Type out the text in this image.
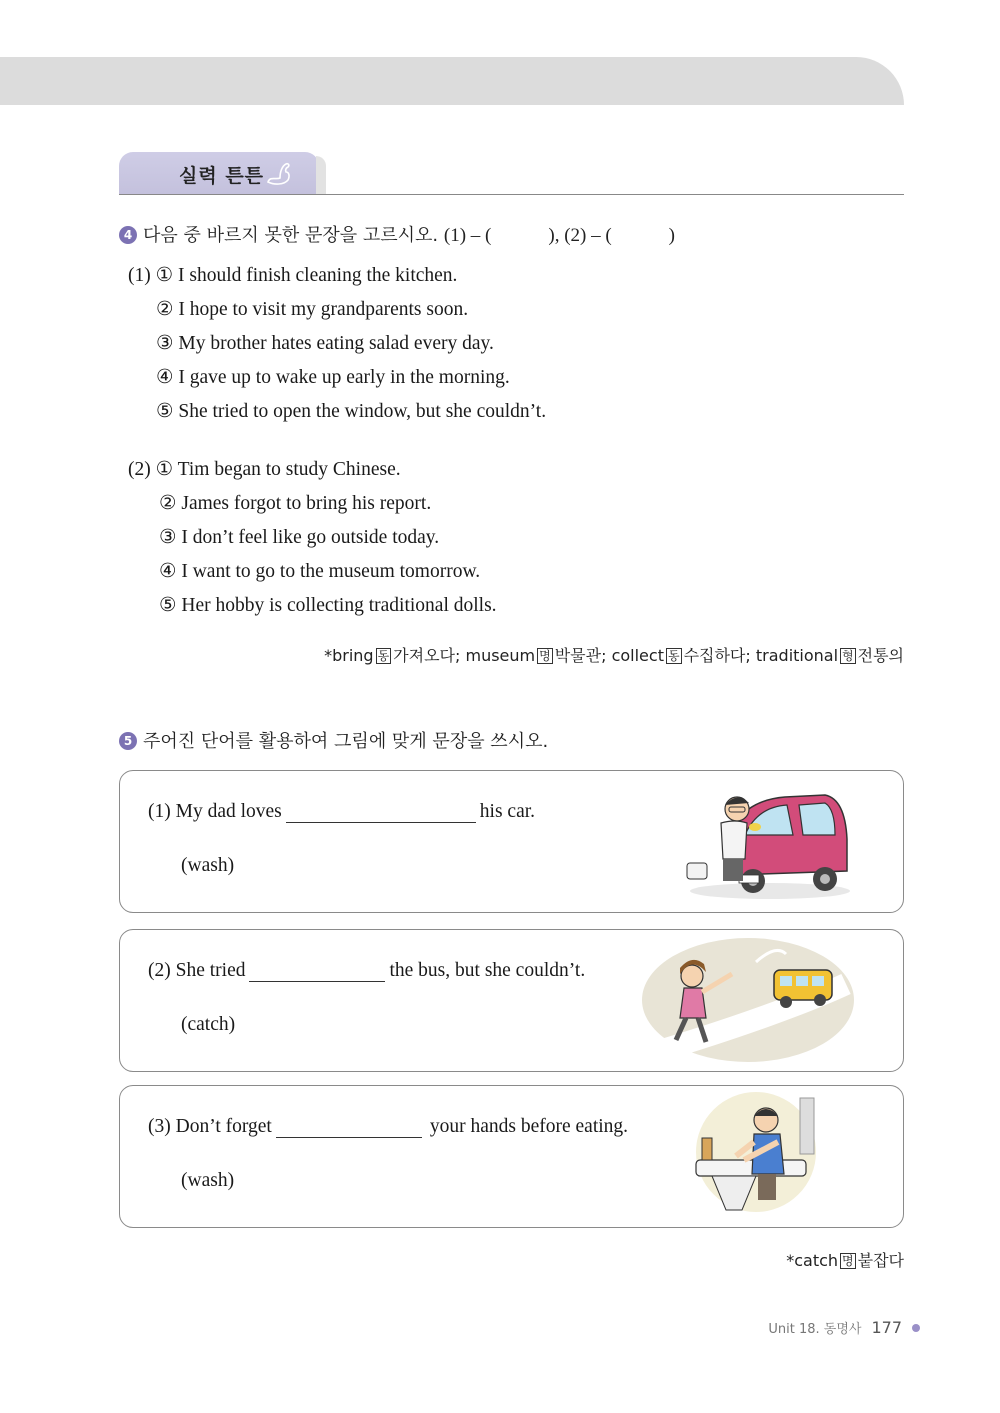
실력 튼튼
4 다음 중 바르지 못한 문장을 고르시오. (1) – (            ), (2) – (            )
(1) ① I should finish cleaning the kitchen.
② I hope to visit my grandparents soon.
③ My brother hates eating salad every day.
④ I gave up to wake up early in the morning.
⑤ She tried to open the window, but she couldn’t.
(2) ① Tim began to study Chinese.
② James forgot to bring his report.
③ I don’t feel like go outside today.
④ I want to go to the museum tomorrow.
⑤ Her hobby is collecting traditional dolls.
*bring 동 가져오다; museum 명 박물관; collect 동 수집하다; traditional 형 전통의
5 주어진 단어를 활용하여 그림에 맞게 문장을 쓰시오.
(1) My dad loves	his car.
(wash)
(2) She tried	the bus, but she couldn’t.
(catch)
(3) Don’t forget	your hands before eating.
(wash)
*catch 명 붙잡다
Unit 18. 동명사 177
